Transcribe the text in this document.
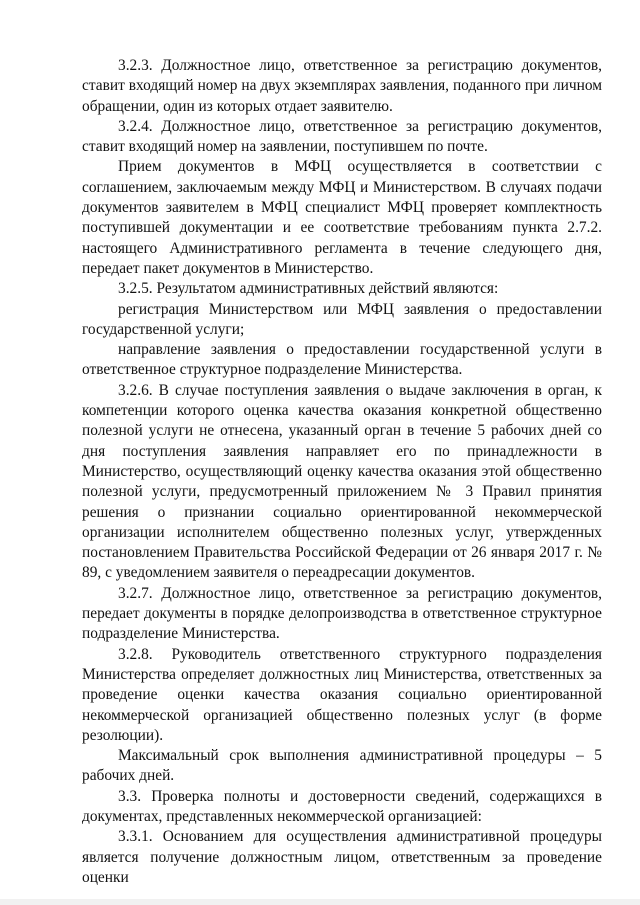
3.2.3. Должностное лицо, ответственное за регистрацию документов, ставит входящий номер на двух экземплярах заявления, поданного при личном обращении, один из которых отдает заявителю.

3.2.4. Должностное лицо, ответственное за регистрацию документов, ставит входящий номер на заявлении, поступившем по почте.

Прием документов в МФЦ осуществляется в соответствии с соглашением, заключаемым между МФЦ и Министерством. В случаях подачи документов заявителем в МФЦ специалист МФЦ проверяет комплектность поступившей документации и ее соответствие требованиям пункта 2.7.2. настоящего Административного регламента в течение следующего дня, передает пакет документов в Министерство.

3.2.5. Результатом административных действий являются:

регистрация Министерством или МФЦ заявления о предоставлении государственной услуги;

направление заявления о предоставлении государственной услуги в ответственное структурное подразделение Министерства.

3.2.6. В случае поступления заявления о выдаче заключения в орган, к компетенции которого оценка качества оказания конкретной общественно полезной услуги не отнесена, указанный орган в течение 5 рабочих дней со дня поступления заявления направляет его по принадлежности в Министерство, осуществляющий оценку качества оказания этой общественно полезной услуги, предусмотренный приложением № 3 Правил принятия решения о признании социально ориентированной некоммерческой организации исполнителем общественно полезных услуг, утвержденных постановлением Правительства Российской Федерации от 26 января 2017 г. № 89, с уведомлением заявителя о переадресации документов.

3.2.7. Должностное лицо, ответственное за регистрацию документов, передает документы в порядке делопроизводства в ответственное структурное подразделение Министерства.

3.2.8. Руководитель ответственного структурного подразделения Министерства определяет должностных лиц Министерства, ответственных за проведение оценки качества оказания социально ориентированной некоммерческой организацией общественно полезных услуг (в форме резолюции).

Максимальный срок выполнения административной процедуры – 5 рабочих дней.

3.3. Проверка полноты и достоверности сведений, содержащихся в документах, представленных некоммерческой организацией:

3.3.1. Основанием для осуществления административной процедуры является получение должностным лицом, ответственным за проведение оценки
